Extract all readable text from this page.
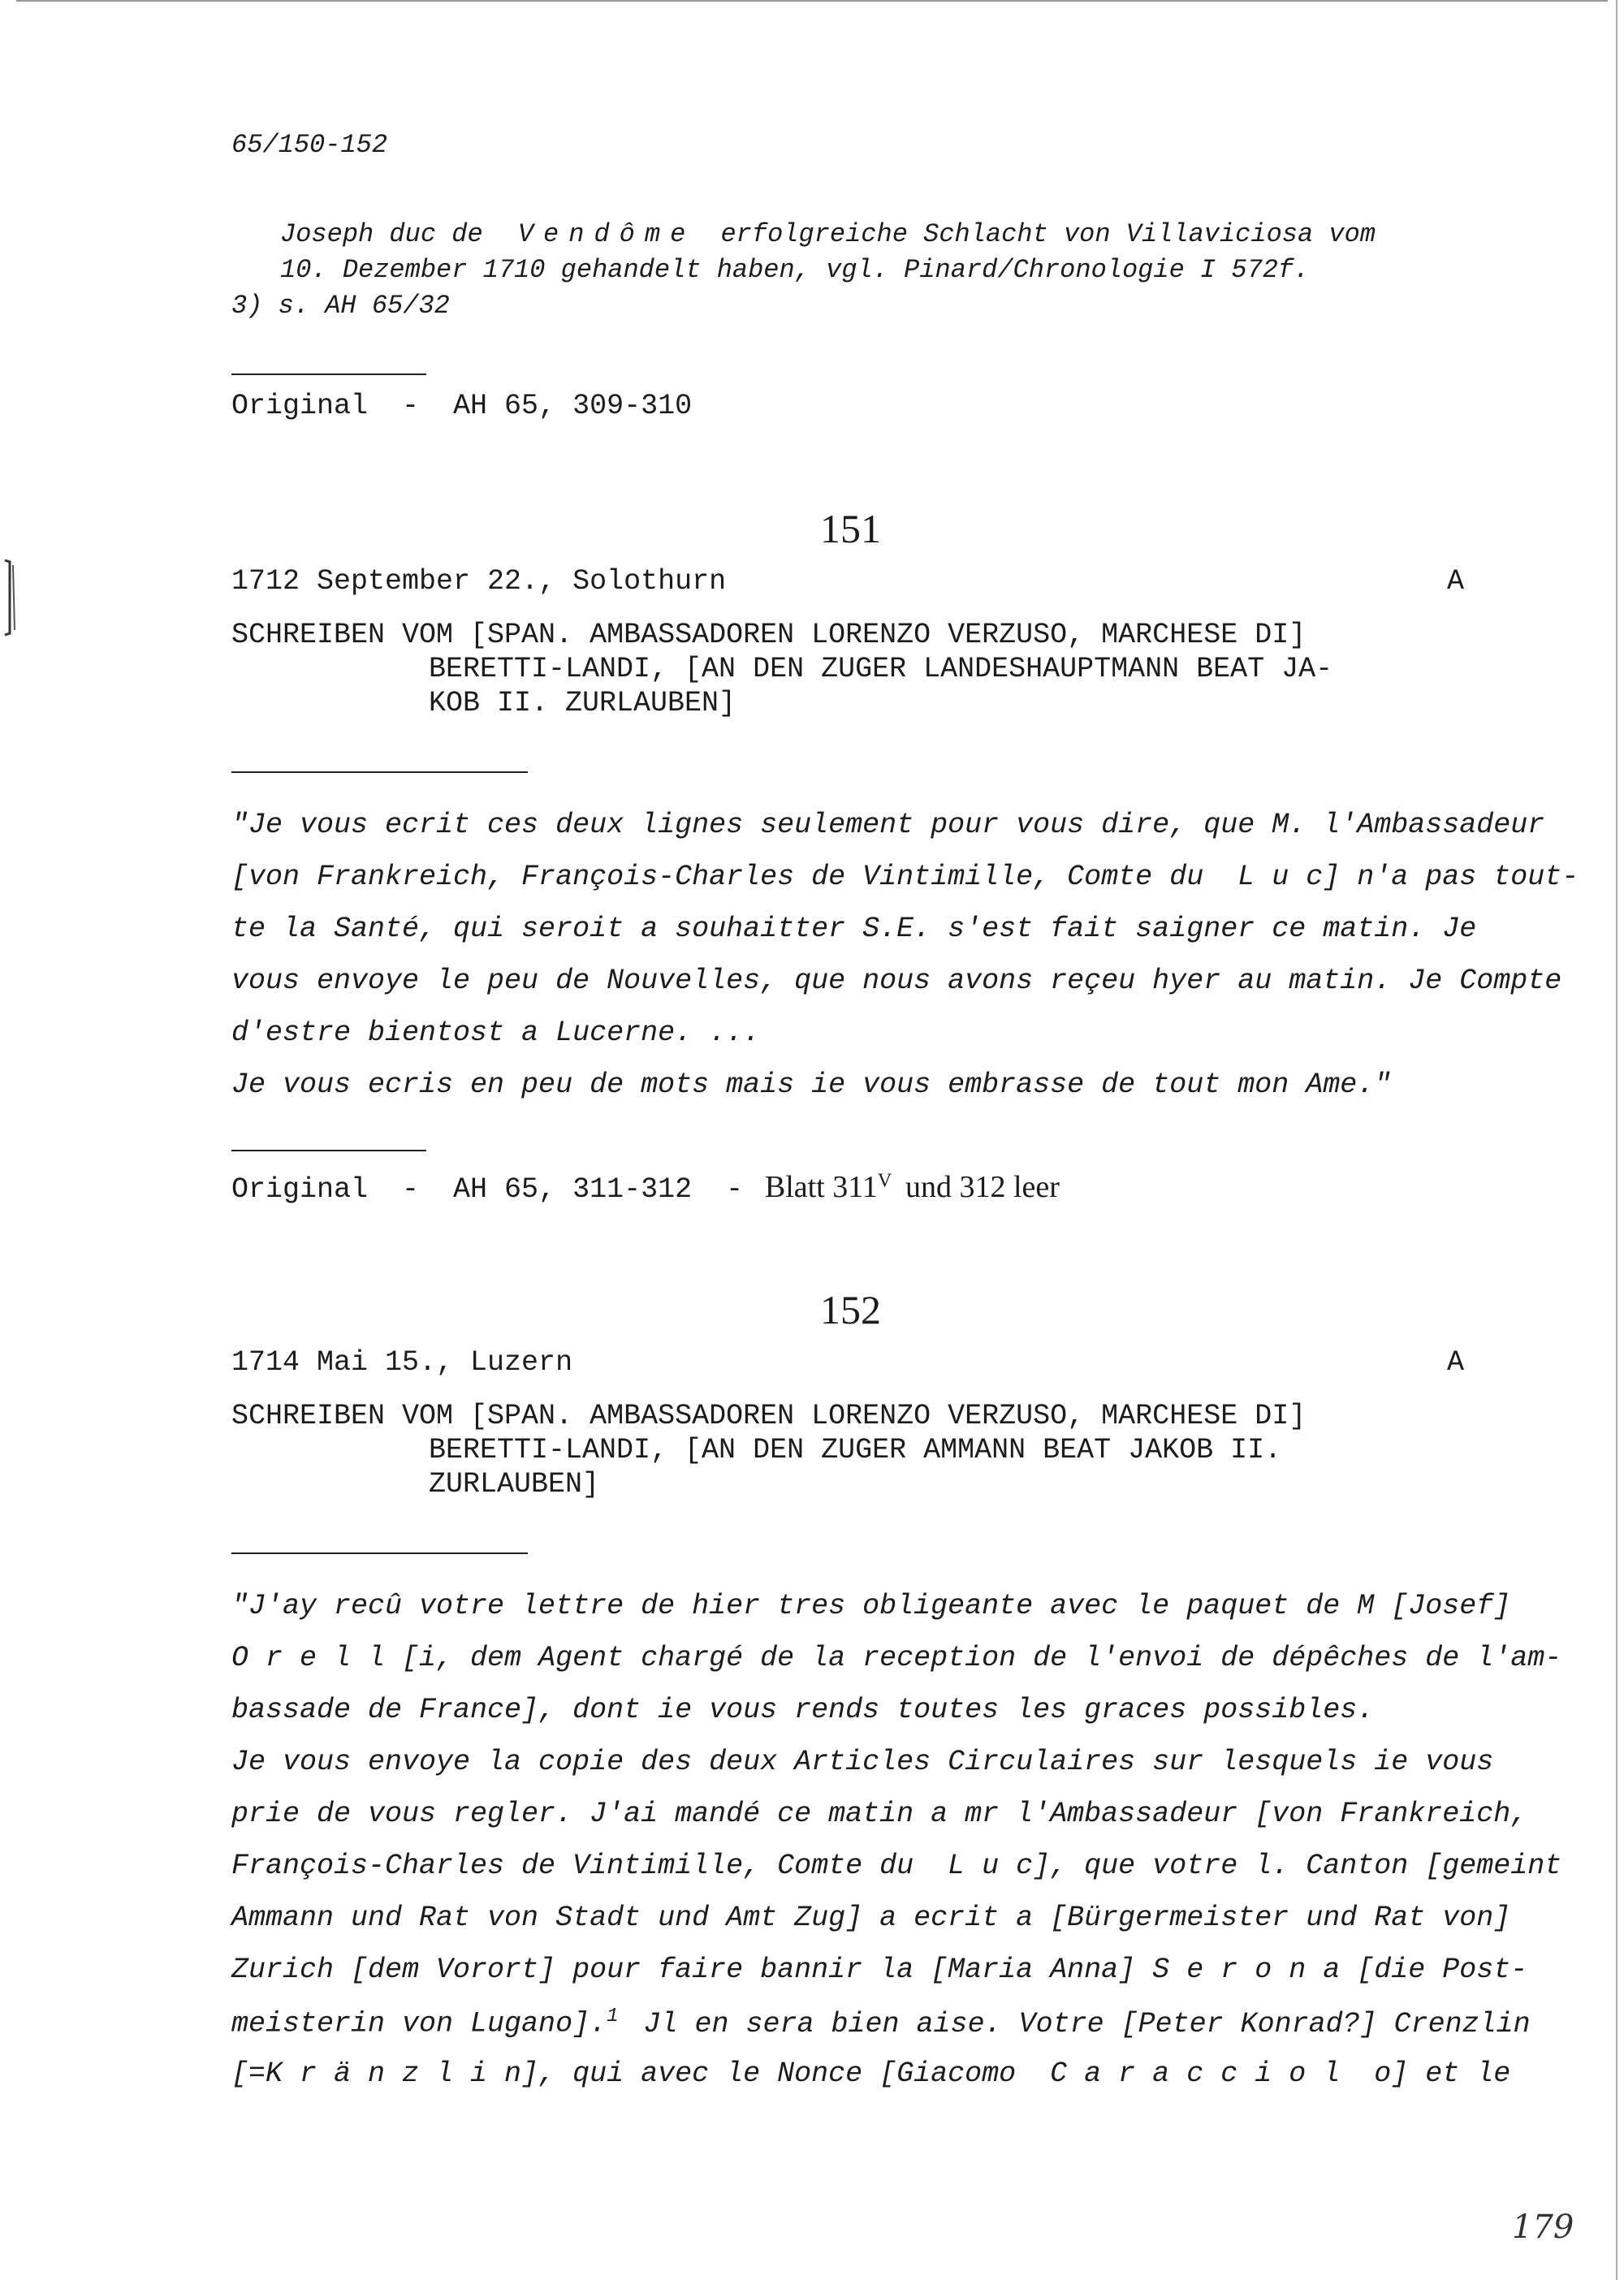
65/150-152
Joseph duc de Vendôme erfolgreiche Schlacht von Villaviciosa vom
10. Dezember 1710 gehandelt haben, vgl. Pinard/Chronologie I 572f.
3) s. AH 65/32
Original  -  AH 65, 309-310
151
1712 September 22., Solothurn	A
SCHREIBEN VOM [SPAN. AMBASSADOREN LORENZO VERZUSO, MARCHESE DI]
BERETTI-LANDI, [AN DEN ZUGER LANDESHAUPTMANN BEAT JA-
KOB II. ZURLAUBEN]
"Je vous ecrit ces deux lignes seulement pour vous dire, que M. l'Ambassadeur
[von Frankreich, François-Charles de Vintimille, Comte du  L u c] n'a pas tout-
te la Santé, qui seroit a souhaitter S.E. s'est fait saigner ce matin. Je
vous envoye le peu de Nouvelles, que nous avons reçeu hyer au matin. Je Compte
d'estre bientost a Lucerne. ...
Je vous ecris en peu de mots mais ie vous embrasse de tout mon Ame."
Original  -  AH 65, 311-312  - Blatt $311^V$ und 312 leer
152
1714 Mai 15., Luzern	A
SCHREIBEN VOM [SPAN. AMBASSADOREN LORENZO VERZUSO, MARCHESE DI]
BERETTI-LANDI, [AN DEN ZUGER AMMANN BEAT JAKOB II.
ZURLAUBEN]
"J'ay recû votre lettre de hier tres obligeante avec le paquet de M [Josef]
O r e l l [i, dem Agent chargé de la reception de l'envoi de dépêches de l'am-
bassade de France], dont ie vous rends toutes les graces possibles.
Je vous envoye la copie des deux Articles Circulaires sur lesquels ie vous
prie de vous regler. J'ai mandé ce matin a mr l'Ambassadeur [von Frankreich,
François-Charles de Vintimille, Comte du  L u c], que votre l. Canton [gemeint
Ammann und Rat von Stadt und Amt Zug] a ecrit a [Bürgermeister und Rat von]
Zurich [dem Vorort] pour faire bannir la [Maria Anna] S e r o n a [die Post-
meisterin von Lugano].$^1$ Jl en sera bien aise. Votre [Peter Konrad?] Crenzlin
[=K r ä n z l i n], qui avec le Nonce [Giacomo  C a r a c c i o l  o] et le
179
